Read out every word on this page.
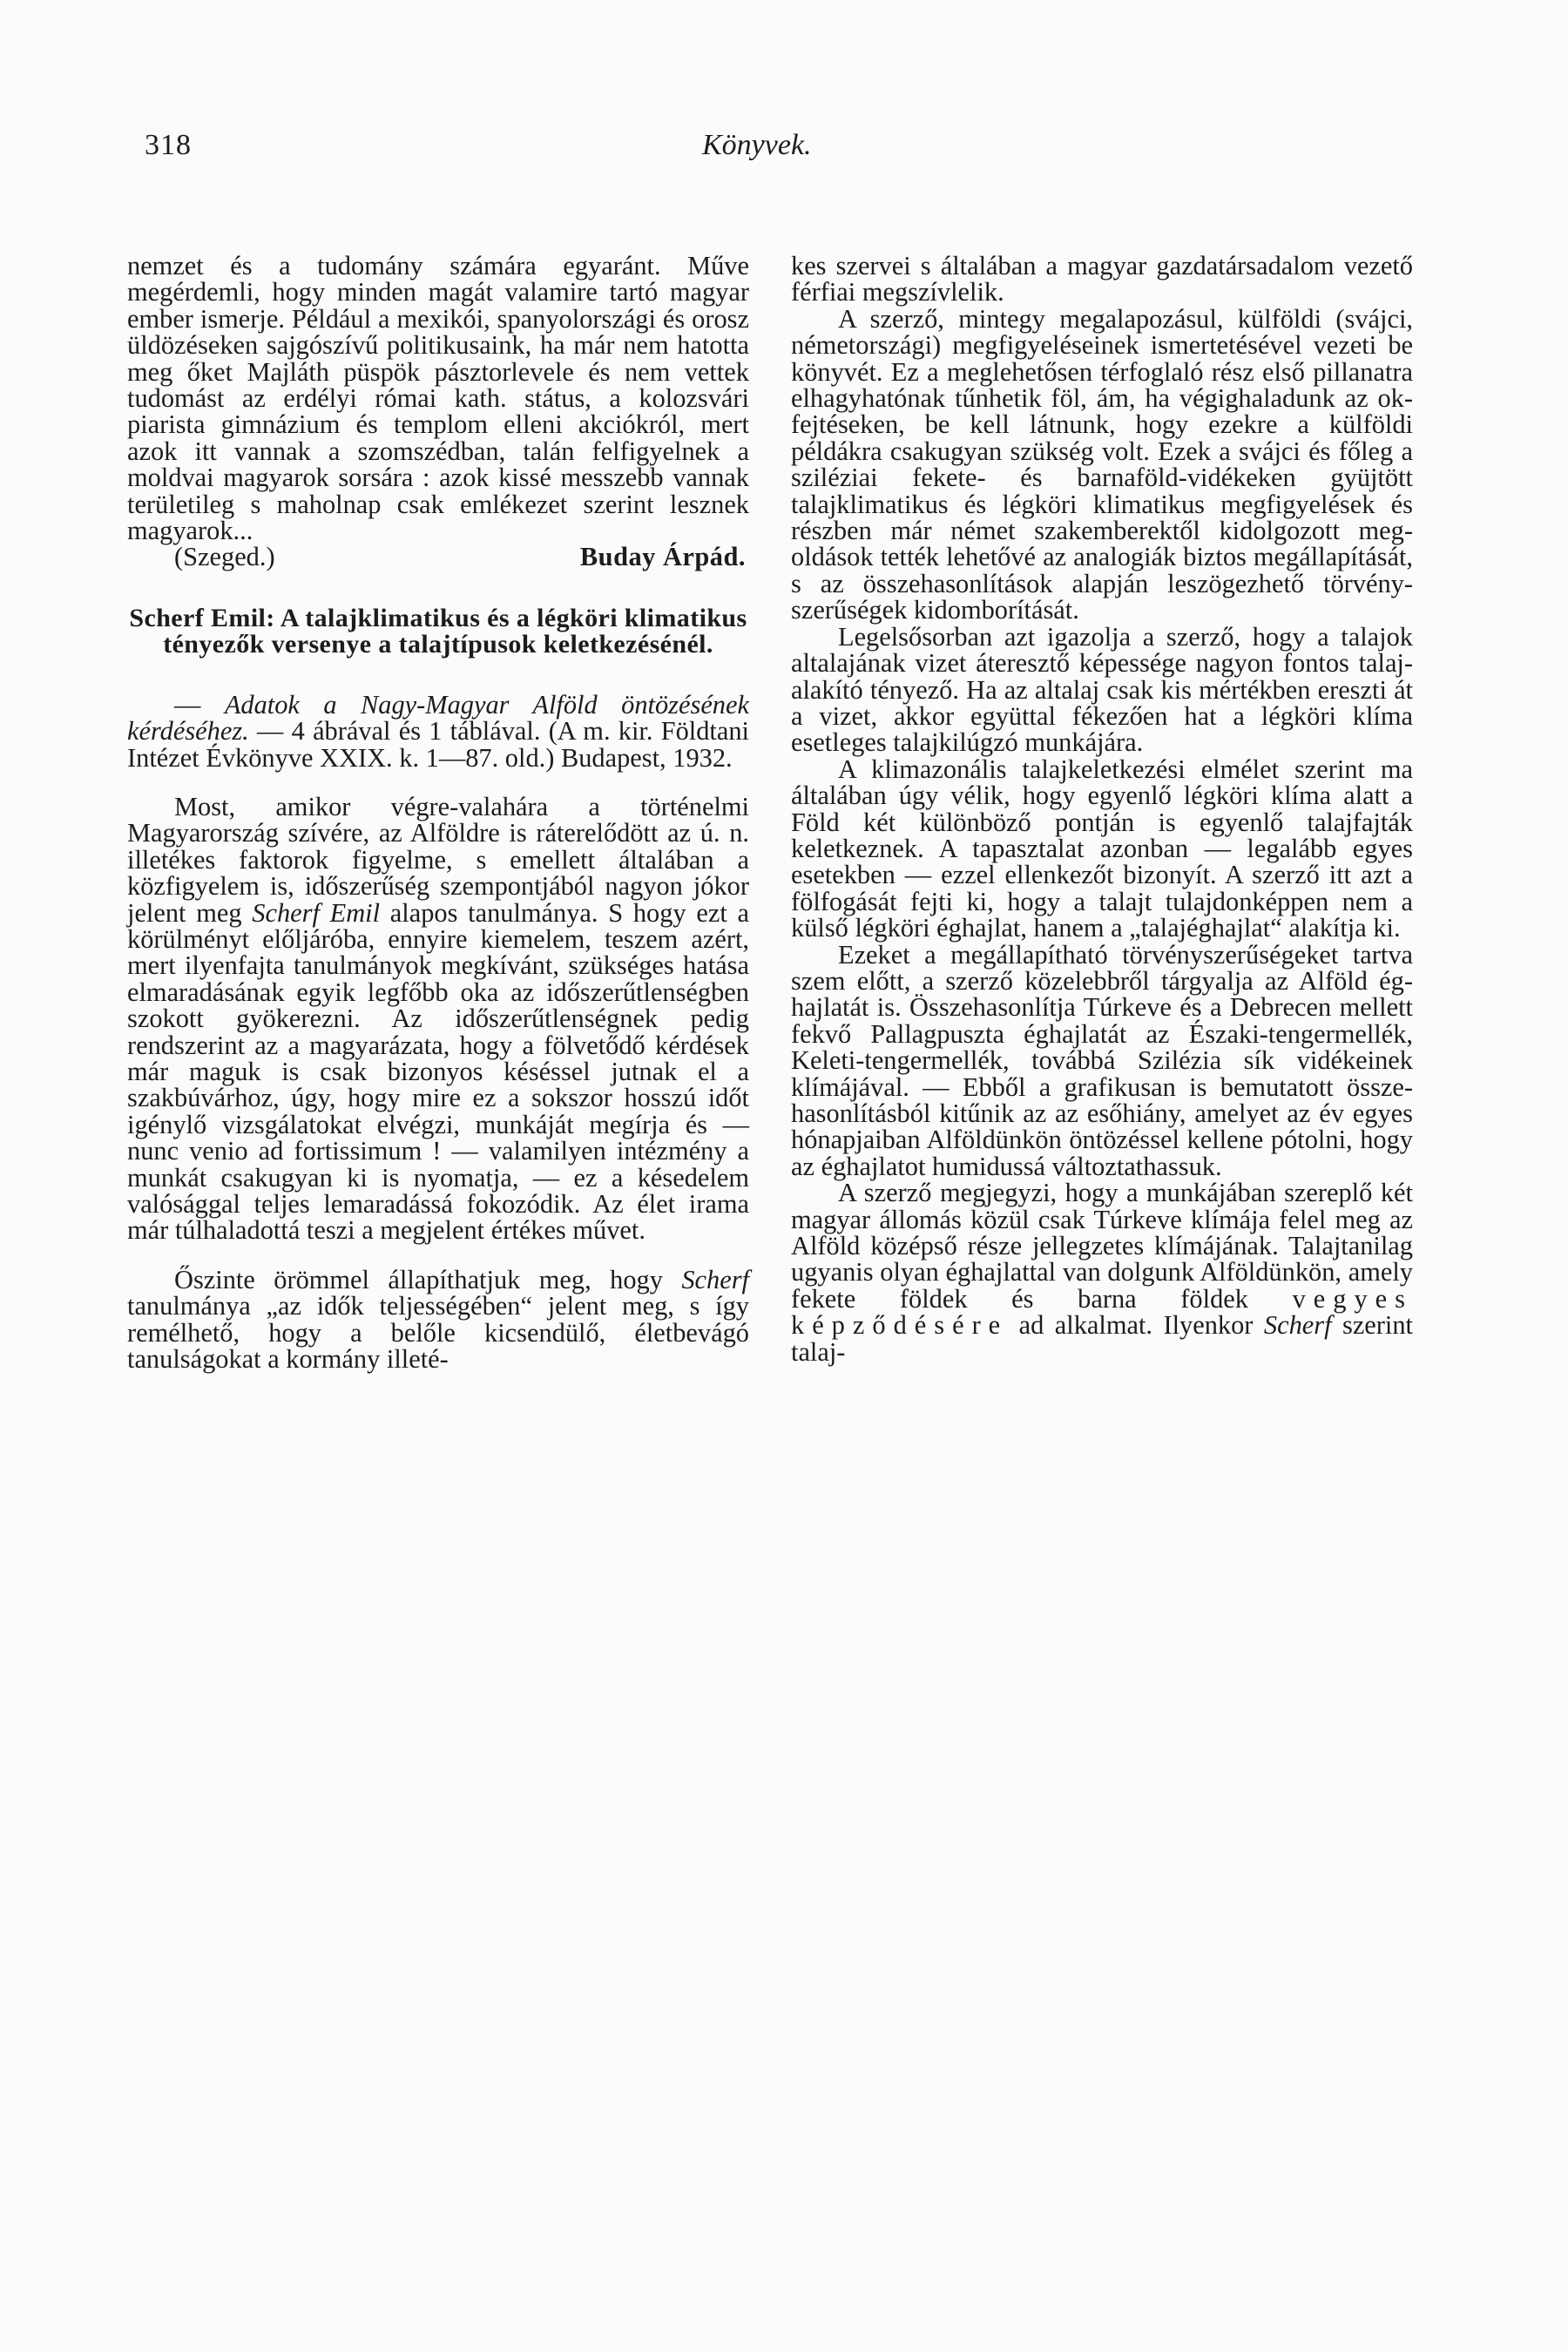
318	Könyvek.

nemzet és a tudomány számára egyaránt. Műve megérdemli, hogy minden magát valamire tartó magyar ember ismerje. Például a mexikói, spanyolországi és orosz üldözéseken sajgószívű politikusaink, ha már nem hatotta meg őket Majláth püspök pásztorlevele és nem vettek tudomást az erdélyi római kath. státus, a kolozsvári piarista gimnázium és templom elleni akciókról, mert azok itt vannak a szomszédban, talán felfigyelnek a moldvai magyarok sorsára : azok kissé messzebb vannak területileg s maholnap csak emlékezet szerint lesznek magyarok...

(Szeged.)	Buday Árpád.

Scherf Emil: A talajklimatikus és a légköri klimatikus tényezők versenye a talajtípusok keletkezésénél.

— Adatok a Nagy-Magyar Alföld öntözésének kérdéséhez. — 4 ábrával és 1 táblával. (A m. kir. Földtani Intézet Évkönyve XXIX. k. 1—87. old.) Budapest, 1932.

Most, amikor végre-valahára a történelmi Magyarország szívére, az Alföldre is ráterelődött az ú. n. illetékes faktorok figyelme, s emellett általában a közfigyelem is, időszerűség szempontjából nagyon jókor jelent meg Scherf Emil alapos tanulmánya. S hogy ezt a körülményt előljáróba, ennyire kiemelem, teszem azért, mert ilyenfajta tanulmányok megkívánt, szükséges hatása elmaradásának egyik legfőbb oka az időszerűtlenségben szokott gyökerezni. Az időszerűtlenségnek pedig rendszerint az a magyarázata, hogy a fölvetődő kérdések már maguk is csak bizonyos késéssel jutnak el a szakbúvárhoz, úgy, hogy mire ez a sokszor hosszú időt igénylő vizsgálatokat elvégzi, munkáját megírja és — nunc venio ad fortissimum ! — valamilyen intézmény a munkát csakugyan ki is nyomatja, — ez a késedelem valósággal teljes lemaradássá fokozódik. Az élet irama már túlhaladottá teszi a megjelent értékes művet.

Őszinte örömmel állapíthatjuk meg, hogy Scherf tanulmánya „az idők teljességében“ jelent meg, s így remélhető, hogy a belőle kicsendülő, életbevágó tanulságokat a kormány illeté-

kes szervei s általában a magyar gazdatársadalom vezető férfiai megszívlelik.

A szerző, mintegy megalapozásul, külföldi (svájci, németországi) megfigyeléseinek ismertetésével vezeti be könyvét. Ez a meglehetősen térfoglaló rész első pillanatra elhagyhatónak tűnhetik föl, ám, ha végighaladunk az okfejtéseken, be kell látnunk, hogy ezekre a külföldi példákra csakugyan szükség volt. Ezek a svájci és főleg a sziléziai fekete- és barnaföld-vidékeken gyüjtött talajklimatikus és légköri klimatikus megfigyelések és részben már német szakemberektől kidolgozott megoldások tették lehetővé az analogiák biztos megállapítását, s az összehasonlítások alapján leszögezhető törvényszerűségek kidomborítását.

Legelsősorban azt igazolja a szerző, hogy a talajok altalajának vizet áteresztő képessége nagyon fontos talajalakító tényező. Ha az altalaj csak kis mértékben ereszti át a vizet, akkor együttal fékezően hat a légköri klíma esetleges talajkilúgzó munkájára.

A klimazonális talajkeletkezési elmélet szerint ma általában úgy vélik, hogy egyenlő légköri klíma alatt a Föld két különböző pontján is egyenlő talajfajták keletkeznek. A tapasztalat azonban — legalább egyes esetekben — ezzel ellenkezőt bizonyít. A szerző itt azt a fölfogását fejti ki, hogy a talajt tulajdonképpen nem a külső légköri éghajlat, hanem a „talajéghajlat“ alakítja ki.

Ezeket a megállapítható törvényszerűségeket tartva szem előtt, a szerző közelebbről tárgyalja az Alföld éghajlatát is. Összehasonlítja Túrkeve és a Debrecen mellett fekvő Pallagpuszta éghajlatát az Északi-tengermellék, Keleti-tengermellék, továbbá Szilézia sík vidékeinek klímájával. — Ebből a grafikusan is bemutatott összehasonlításból kitűnik az az esőhiány, amelyet az év egyes hónapjaiban Alföldünkön öntözéssel kellene pótolni, hogy az éghajlatot humidussá változtathassuk.

A szerző megjegyzi, hogy a munkájában szereplő két magyar állomás közül csak Túrkeve klímája felel meg az Alföld középső része jellegzetes klímájának. Talajtanilag ugyanis olyan éghajlattal van dolgunk Alföldünkön, amely fekete földek és barna földek vegyes képződésére ad alkalmat. Ilyenkor Scherf szerint talaj-
